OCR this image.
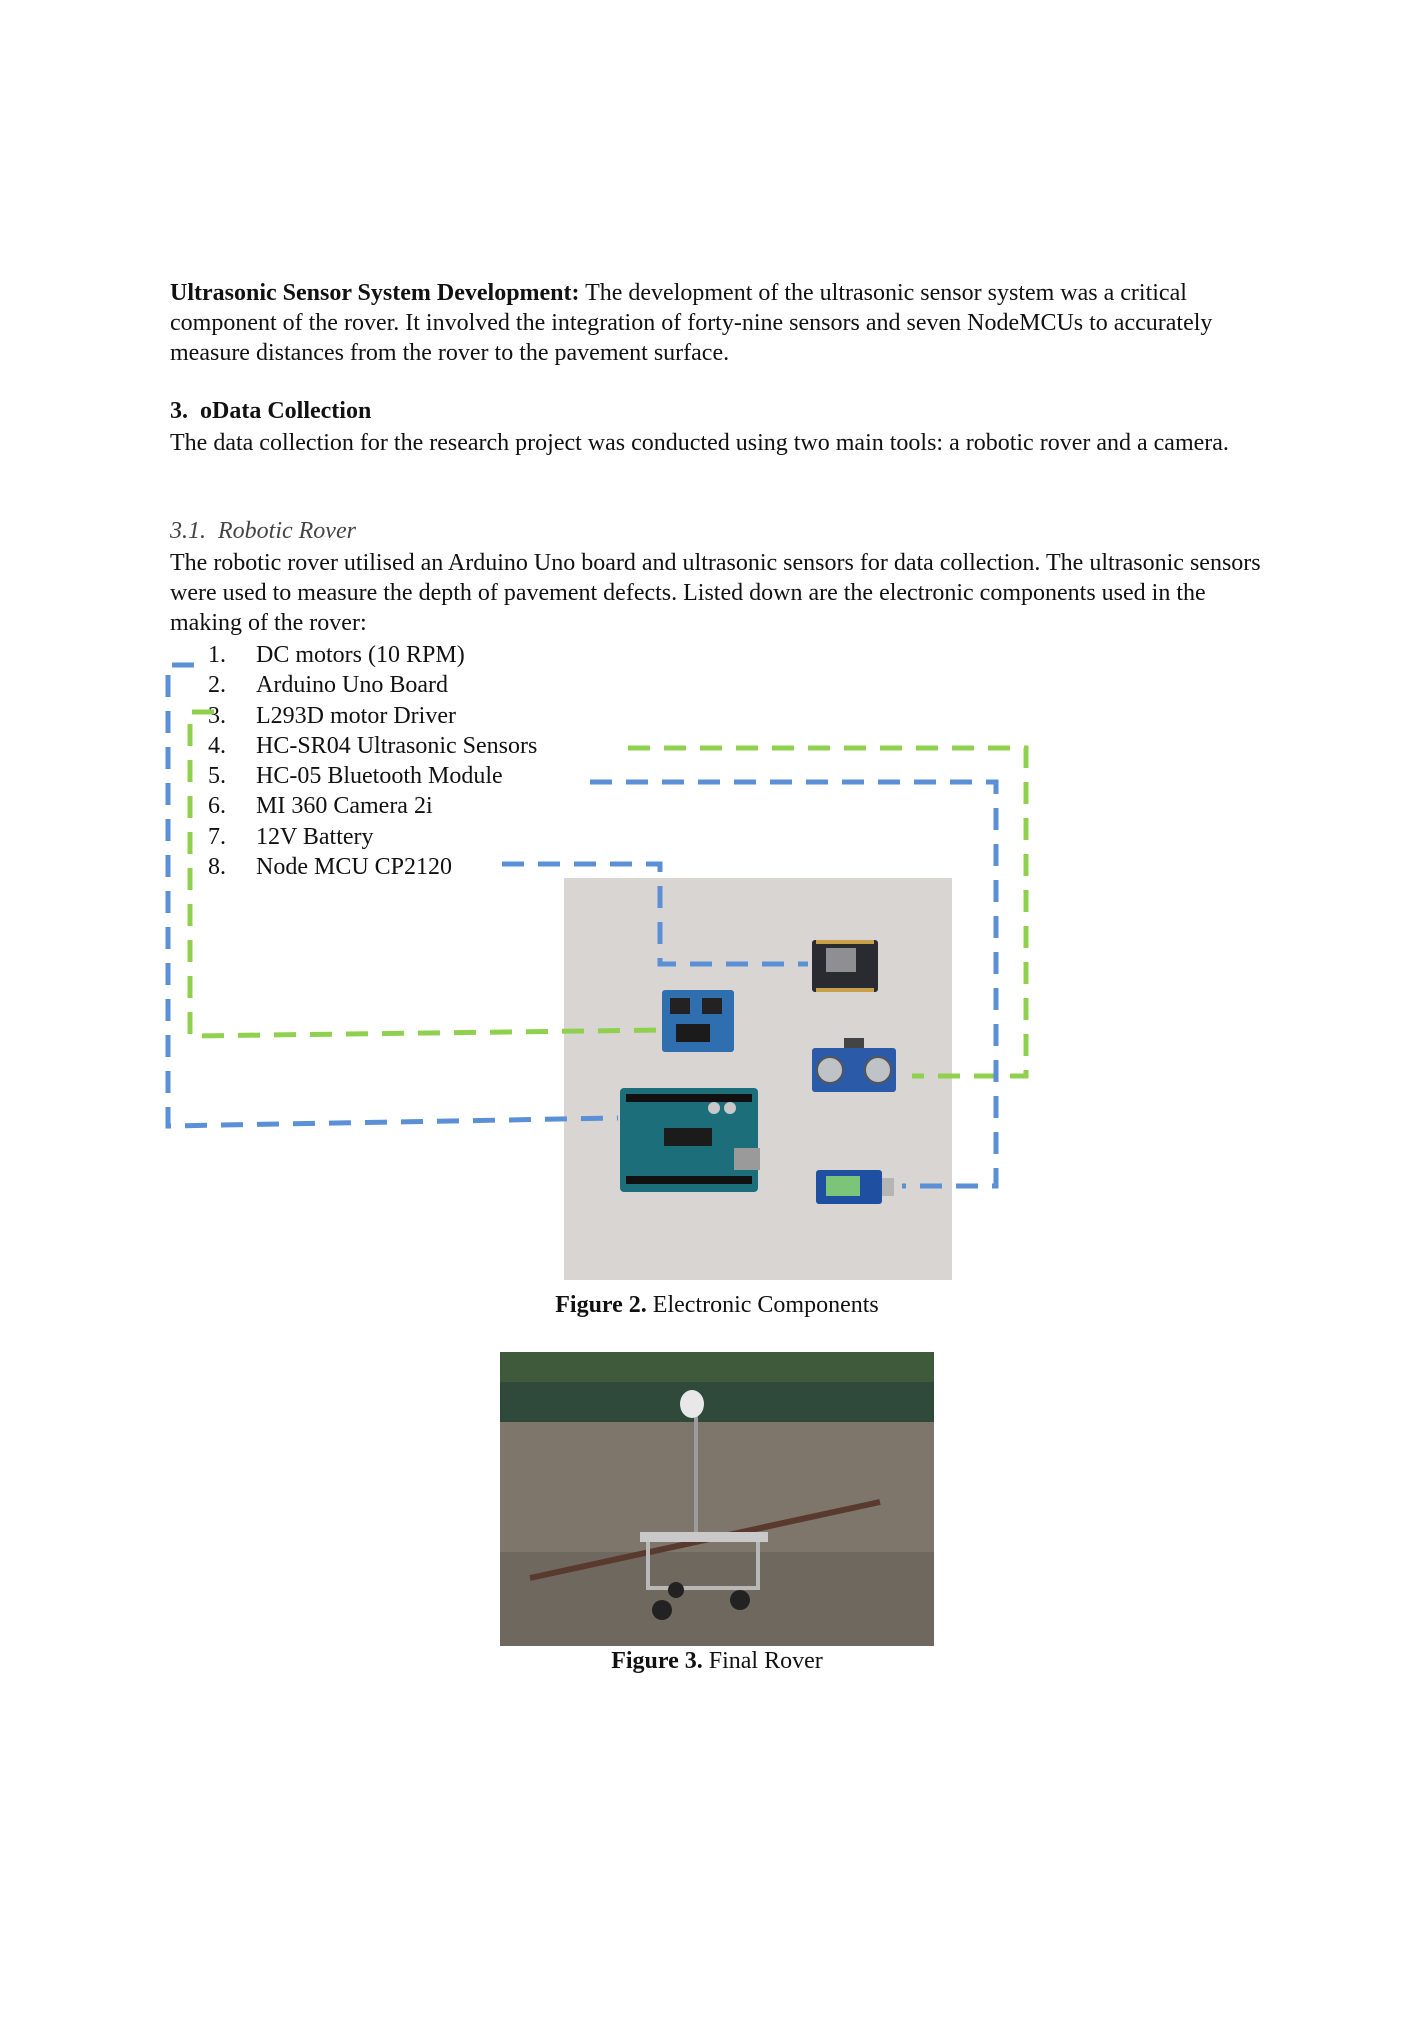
Ultrasonic Sensor System Development: The development of the ultrasonic sensor system was a critical component of the rover. It involved the integration of forty-nine sensors and seven NodeMCUs to accurately measure distances from the rover to the pavement surface.

3. oData Collection

The data collection for the research project was conducted using two main tools: a robotic rover and a camera.

3.1. Robotic Rover

The robotic rover utilised an Arduino Uno board and ultrasonic sensors for data collection. The ultrasonic sensors were used to measure the depth of pavement defects. Listed down are the electronic components used in the making of the rover:

1.	DC motors (10 RPM)
2.	Arduino Uno Board
3.	L293D motor Driver
4.	HC-SR04 Ultrasonic Sensors
5.	HC-05 Bluetooth Module
6.	MI 360 Camera 2i
7.	12V Battery
8.	Node MCU CP2120

Figure 2. Electronic Components

Figure 3. Final Rover
